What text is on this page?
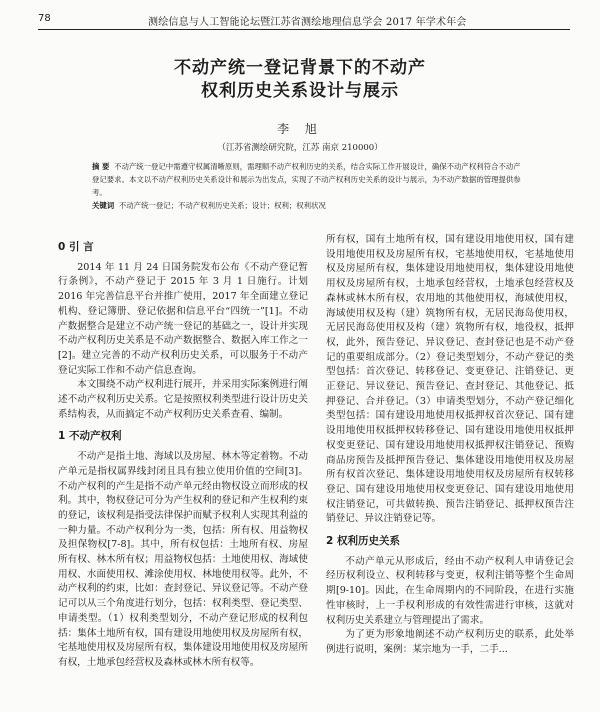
78	测绘信息与人工智能论坛暨江苏省测绘地理信息学会 2017 年学术年会
不动产统一登记背景下的不动产
权利历史关系设计与展示
李 旭
（江苏省测绘研究院，江苏 南京 210000）
摘 要 不动产统一登记中需遵守权属清晰原则，需理顺不动产权利历史的关系，结合实际工作开展设计，确保不动产权利符合不动产登记要求。本文以不动产权利历史关系设计和展示为出发点，实现了不动产权利历史关系的设计与展示，为不动产数据的管理提供参考。
关键词 不动产统一登记；不动产权利历史关系；设计；权利；权利状况
0 引 言

2014 年 11 月 24 日国务院发布公布《不动产登记暂行条例》，不动产登记于 2015 年 3 月 1 日施行。计划 2016 年完善信息平台并推广使用，2017 年全面建立登记机构、登记簿册、登记依据和信息平台“四统一”[1]。不动产数据整合是建立不动产统一登记的基础之一，设计并实现不动产权利历史关系是不动产数据整合、数据入库工作之一[2]。建立完善的不动产权利历史关系，可以服务于不动产登记实际工作和不动产信息查询。

本文围绕不动产权利进行展开，并采用实际案例进行阐述不动产权利历史关系。它是按照权利类型进行设计历史关系结构表，从而搞定不动产权利历史关系查看、编制。

1 不动产权利

不动产是指土地、海域以及房屋、林木等定着物。不动产单元是指权属界线封闭且具有独立使用价值的空间[3]。不动产权利的产生是指不动产单元经由物权设立而形成的权利。其中，物权登记可分为产生权利的登记和产生权利约束的登记，该权利是指受法律保护而赋予权利人实现其利益的一种力量。不动产权利分为一类，包括：所有权、用益物权及担保物权[7-8]。其中，所有权包括：土地所有权、房屋所有权、林木所有权；用益物权包括：土地使用权、海域使用权、水面使用权、滩涂使用权、林地使用权等。此外，不动产权利的约束，比如：查封登记、异议登记等。不动产登记可以从三个角度进行划分，包括：权利类型、登记类型、申请类型。（1）权利类型划分，不动产登记形成的权利包括：集体土地所有权，国有建设用地使用权及房屋所有权，宅基地使用权及房屋所有权，集体建设用地使用权及房屋所有权，土地承包经营权及森林或林木所有权等。

所有权，国有土地所有权，国有建设用地使用权，国有建设用地使用权及房屋所有权，宅基地使用权，宅基地使用权及房屋所有权，集体建设用地使用权，集体建设用地使用权及房屋所有权，土地承包经营权，土地承包经营权及森林或林木所有权，农用地的其他使用权，海域使用权，海域使用权及构（建）筑物所有权，无居民海岛使用权，无居民海岛使用权及构（建）筑物所有权，地役权，抵押权，此外，预告登记、异议登记、查封登记也是不动产登记的重要组成部分。（2）登记类型划分，不动产登记的类型包括：首次登记、转移登记、变更登记、注销登记、更正登记、异议登记、预告登记、查封登记、其他登记、抵押登记、合并登记。（3）申请类型划分，不动产登记细化类型包括：国有建设用地使用权抵押权首次登记、国有建设用地使用权抵押权转移登记、国有建设用地使用权抵押权变更登记、国有建设用地使用权抵押权注销登记、预购商品房预告及抵押预告登记、集体建设用地使用权及房屋所有权首次登记、集体建设用地使用权及房屋所有权转移登记、国有建设用地使用权变更登记、国有建设用地使用权注销登记，可共做转换、预告注销登记、抵押权预告注销登记、异议注销登记等。

2 权利历史关系

不动产单元从形成后，经由不动产权利人申请登记会经历权利设立、权利转移与变更，权利注销等整个生命周期[9-10]。因此，在生命周期内的不同阶段，在进行实施性审核时，上一手权利形成的有效性需进行审核，这就对权利历史关系建立与管理提出了需求。

为了更为形象地阐述不动产权利历史的联系，此处举例进行说明，案例：某宗地为一手，二手...
